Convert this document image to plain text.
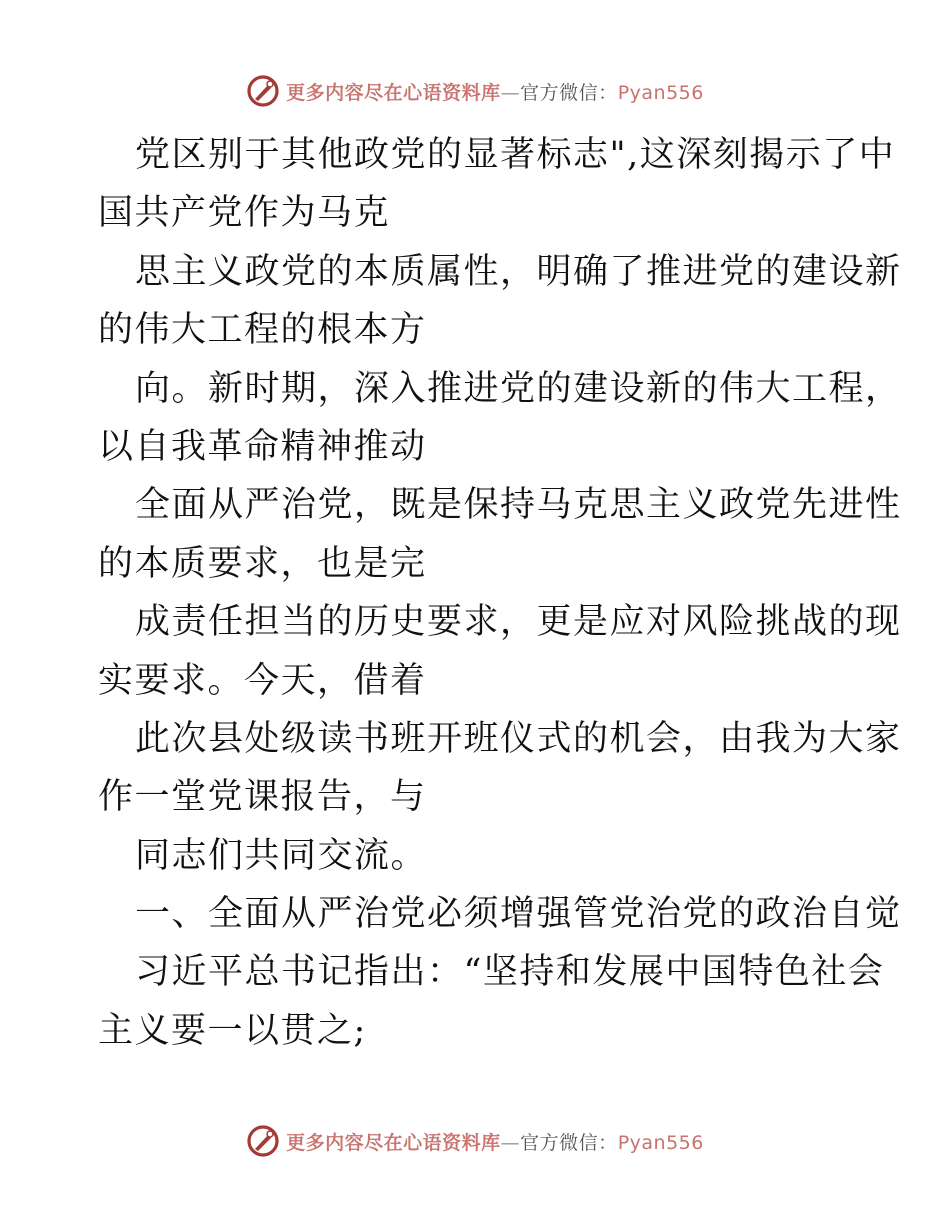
更多内容尽在心语资料库—官方微信：Pyan556
党区别于其他政党的显著标志",这深刻揭示了中
国共产党作为马克
思主义政党的本质属性，明确了推进党的建设新
的伟大工程的根本方
向。新时期，深入推进党的建设新的伟大工程，
以自我革命精神推动
全面从严治党，既是保持马克思主义政党先进性
的本质要求，也是完
成责任担当的历史要求，更是应对风险挑战的现
实要求。今天，借着
此次县处级读书班开班仪式的机会，由我为大家
作一堂党课报告，与
同志们共同交流。
一、全面从严治党必须增强管党治党的政治自觉
习近平总书记指出：“坚持和发展中国特色社会
主义要一以贯之;
更多内容尽在心语资料库—官方微信：Pyan556
